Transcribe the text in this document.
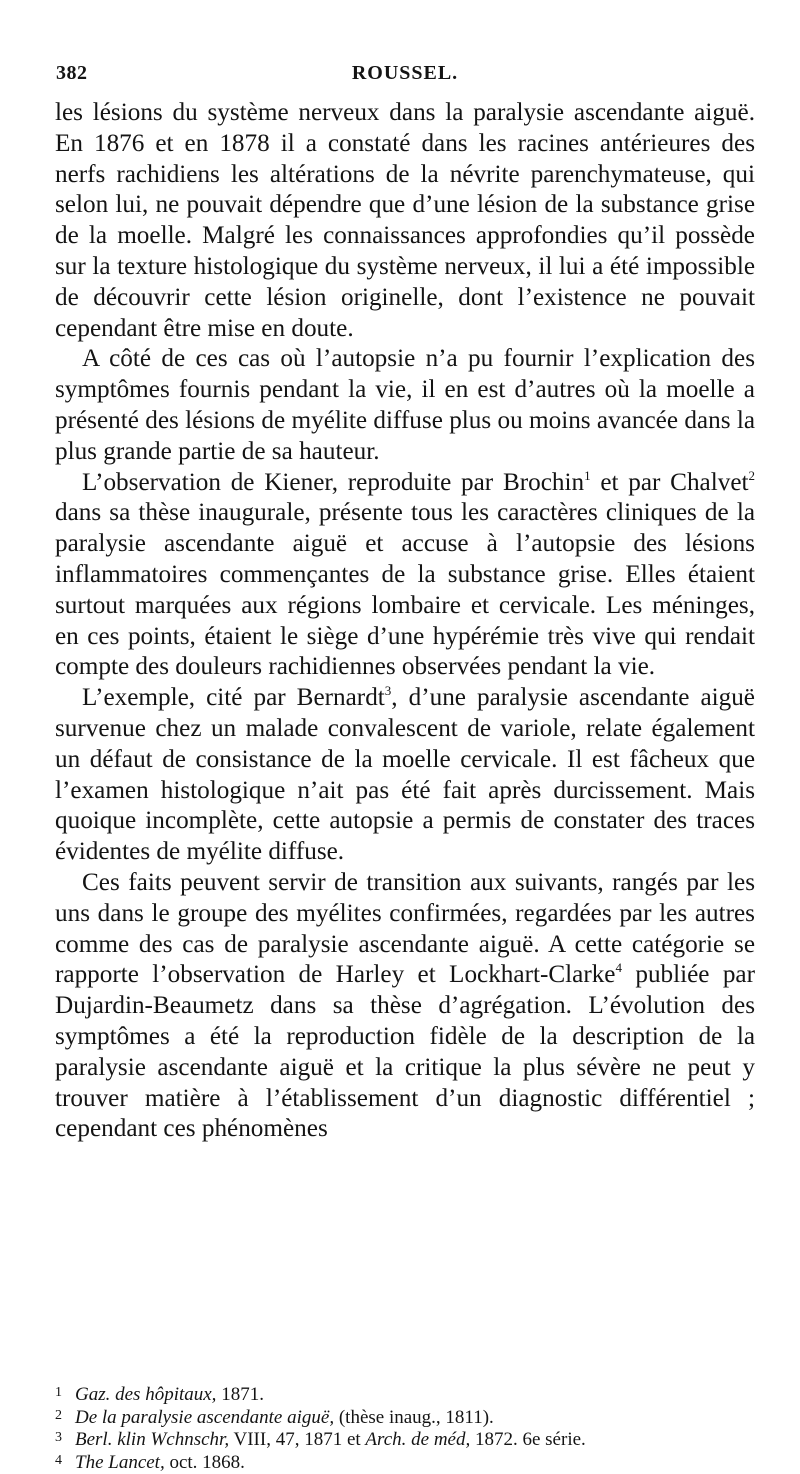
382	ROUSSEL.

les lésions du système nerveux dans la paralysie ascendante aiguë. En 1876 et en 1878 il a constaté dans les racines antérieures des nerfs rachidiens les altérations de la névrite parenchymateuse, qui selon lui, ne pouvait dépendre que d’une lésion de la substance grise de la moelle. Malgré les connaissances approfondies qu’il possède sur la texture histologique du système nerveux, il lui a été impossible de découvrir cette lésion originelle, dont l’existence ne pouvait cependant être mise en doute.

A côté de ces cas où l’autopsie n’a pu fournir l’explication des symptômes fournis pendant la vie, il en est d’autres où la moelle a présenté des lésions de myélite diffuse plus ou moins avancée dans la plus grande partie de sa hauteur.

L’observation de Kiener, reproduite par Brochin$^1$ et par Chalvet$^2$ dans sa thèse inaugurale, présente tous les caractères cliniques de la paralysie ascendante aiguë et accuse à l’autopsie des lésions inflammatoires commençantes de la substance grise. Elles étaient surtout marquées aux régions lombaire et cervicale. Les méninges, en ces points, étaient le siège d’une hypérémie très vive qui rendait compte des douleurs rachidiennes observées pendant la vie.

L’exemple, cité par Bernardt$^3$, d’une paralysie ascendante aiguë survenue chez un malade convalescent de variole, relate également un défaut de consistance de la moelle cervicale. Il est fâcheux que l’examen histologique n’ait pas été fait après durcissement. Mais quoique incomplète, cette autopsie a permis de constater des traces évidentes de myélite diffuse.

Ces faits peuvent servir de transition aux suivants, rangés par les uns dans le groupe des myélites confirmées, regardées par les autres comme des cas de paralysie ascendante aiguë. A cette catégorie se rapporte l’observation de Harley et Lockhart-Clarke$^4$ publiée par Dujardin-Beaumetz dans sa thèse d’agrégation. L’évolution des symptômes a été la reproduction fidèle de la description de la paralysie ascendante aiguë et la critique la plus sévère ne peut y trouver matière à l’établissement d’un diagnostic différentiel ; cependant ces phénomènes

1 Gaz. des hôpitaux, 1871.
2 De la paralysie ascendante aiguë, (thèse inaug., 1811).
3 Berl. klin Wchnschr, VIII, 47, 1871 et Arch. de méd, 1872. 6e série.
4 The Lancet, oct. 1868.
